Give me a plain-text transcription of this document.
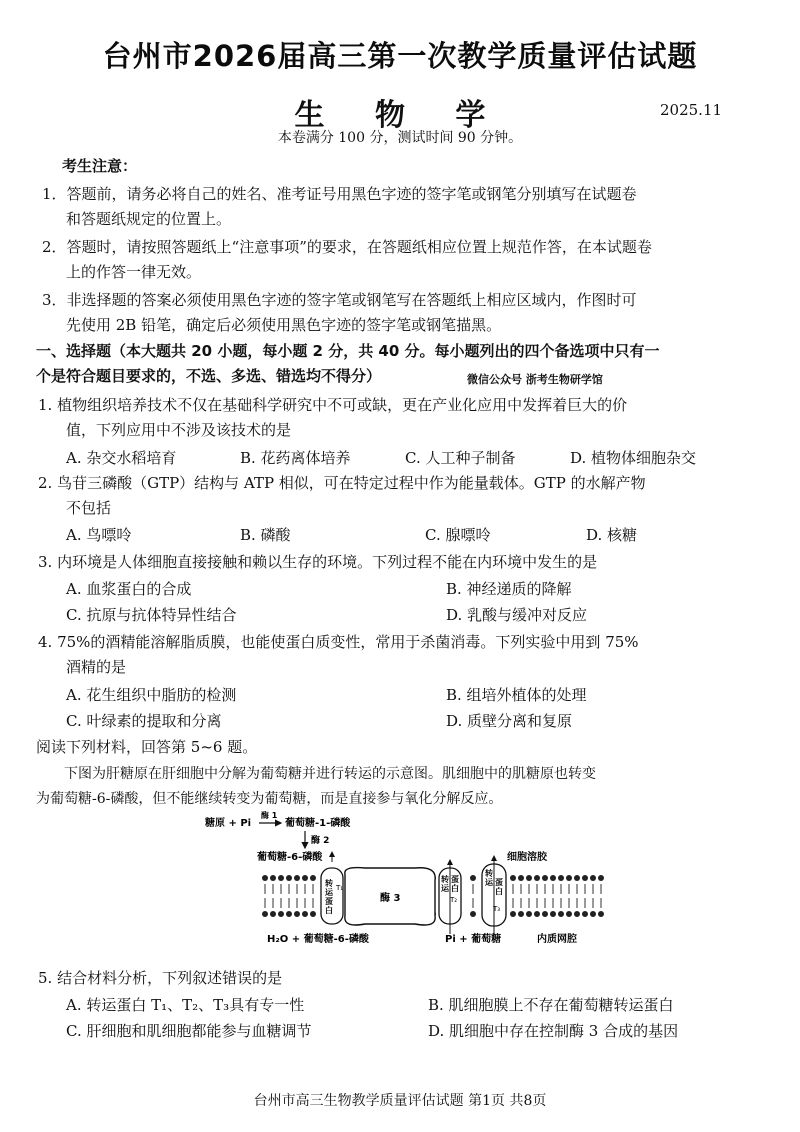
台州市2026届高三第一次教学质量评估试题
生 物 学	2025.11
本卷满分 100 分，测试时间 90 分钟。
考生注意：
1．答题前，请务必将自己的姓名、准考证号用黑色字迹的签字笔或钢笔分别填写在试题卷
和答题纸规定的位置上。
2．答题时，请按照答题纸上“注意事项”的要求，在答题纸相应位置上规范作答，在本试题卷
上的作答一律无效。
3．非选择题的答案必须使用黑色字迹的签字笔或钢笔写在答题纸上相应区域内，作图时可
先使用 2B 铅笔，确定后必须使用黑色字迹的签字笔或钢笔描黑。
一、选择题（本大题共 20 小题，每小题 2 分，共 40 分。每小题列出的四个备选项中只有一
个是符合题目要求的，不选、多选、错选均不得分）	微信公众号 浙考生物研学馆
1. 植物组织培养技术不仅在基础科学研究中不可或缺，更在产业化应用中发挥着巨大的价
值，下列应用中不涉及该技术的是
A. 杂交水稻培育	B. 花药离体培养	C. 人工种子制备	D. 植物体细胞杂交
2. 鸟苷三磷酸（GTP）结构与 ATP 相似，可在特定过程中作为能量载体。GTP 的水解产物
不包括
A. 鸟嘌呤	B. 磷酸	C. 腺嘌呤	D. 核糖
3. 内环境是人体细胞直接接触和赖以生存的环境。下列过程不能在内环境中发生的是
A. 血浆蛋白的合成	B. 神经递质的降解
C. 抗原与抗体特异性结合	D. 乳酸与缓冲对反应
4. 75%的酒精能溶解脂质膜，也能使蛋白质变性，常用于杀菌消毒。下列实验中用到 75%
酒精的是
A. 花生组织中脂肪的检测	B. 组培外植体的处理
C. 叶绿素的提取和分离	D. 质壁分离和复原
阅读下列材料，回答第 5~6 题。
下图为肝糖原在肝细胞中分解为葡萄糖并进行转运的示意图。肌细胞中的肌糖原也转变
为葡萄糖-6-磷酸，但不能继续转变为葡萄糖，而是直接参与氧化分解反应。
糖原 + Pi
酶 1
葡萄糖-1-磷酸
酶 2
葡萄糖-6-磷酸	细胞溶胶
酶 3
转运蛋白
T₁
转运蛋白
T₂
转运 蛋白
T₃
H₂O + 葡萄糖-6-磷酸	Pi + 葡萄糖	内质网腔
5. 结合材料分析，下列叙述错误的是
A. 转运蛋白 T₁、T₂、T₃具有专一性	B. 肌细胞膜上不存在葡萄糖转运蛋白
C. 肝细胞和肌细胞都能参与血糖调节	D. 肌细胞中存在控制酶 3 合成的基因
台州市高三生物教学质量评估试题 第1页 共8页
